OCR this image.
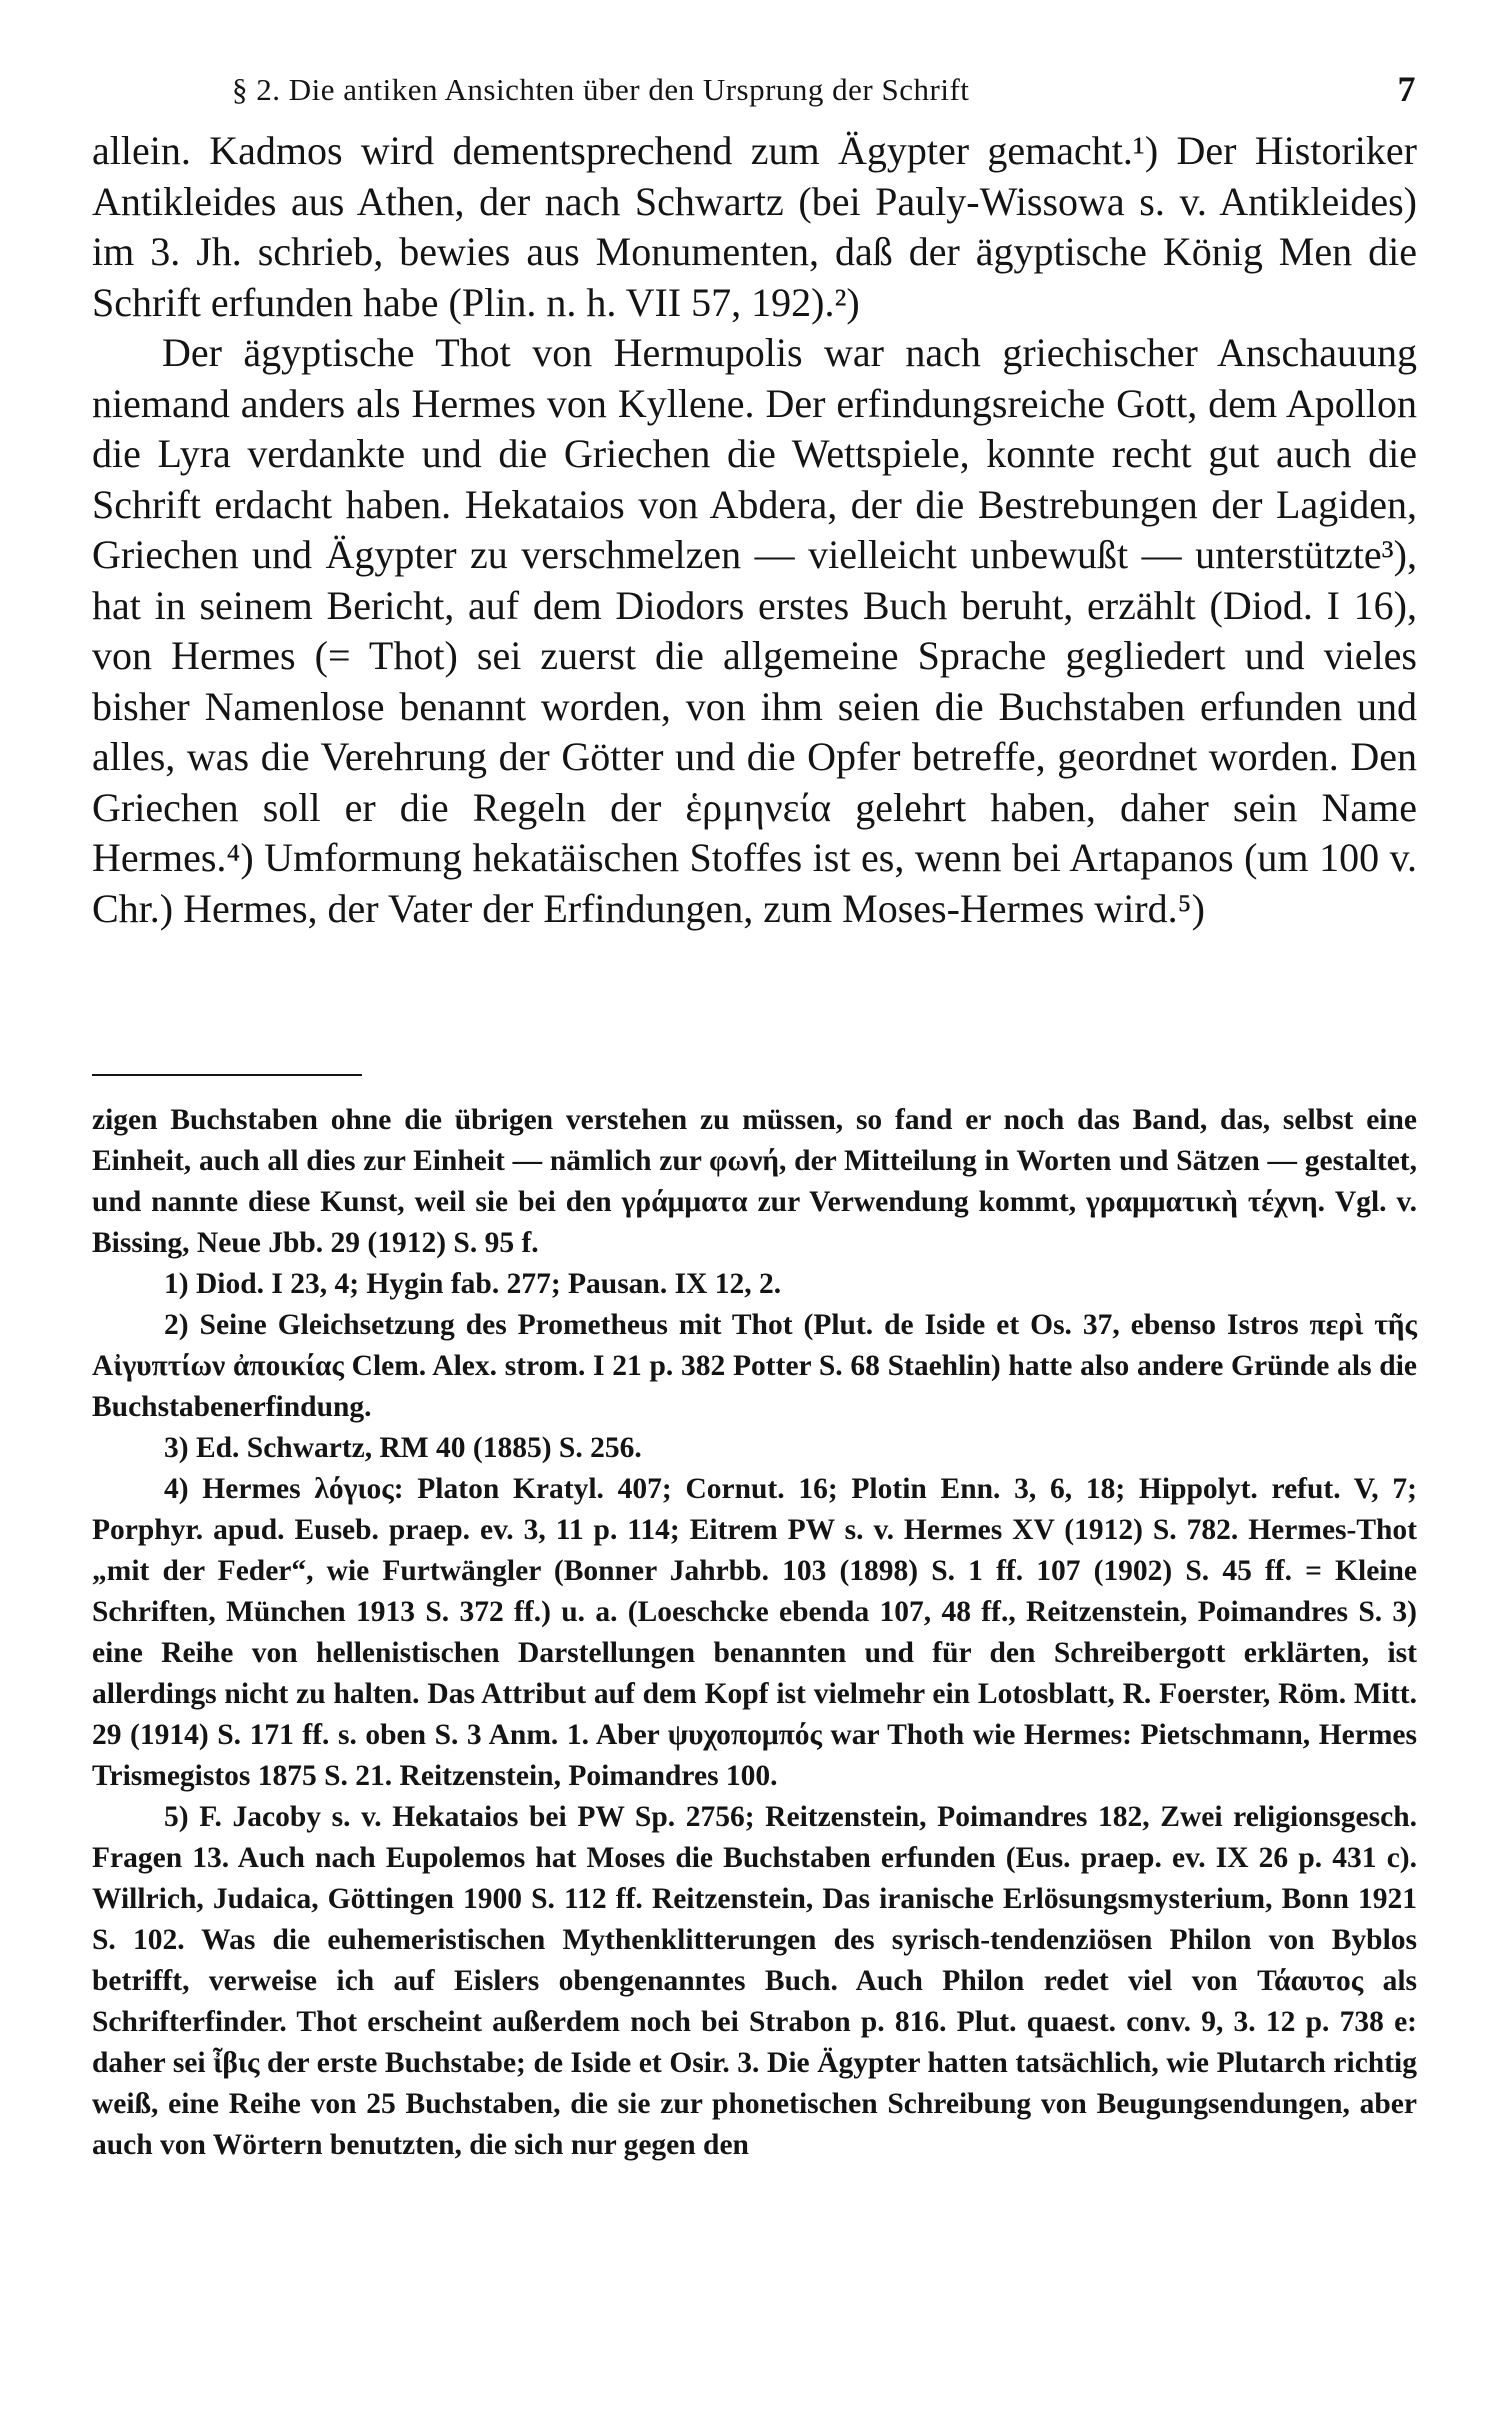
§ 2. Die antiken Ansichten über den Ursprung der Schrift	7

allein. Kadmos wird dementsprechend zum Ägypter gemacht.¹) Der Historiker Antikleides aus Athen, der nach Schwartz (bei Pauly-Wissowa s. v. Antikleides) im 3. Jh. schrieb, bewies aus Monumenten, daß der ägyptische König Men die Schrift erfunden habe (Plin. n. h. VII 57, 192).²)

Der ägyptische Thot von Hermupolis war nach griechischer Anschauung niemand anders als Hermes von Kyllene. Der erfindungsreiche Gott, dem Apollon die Lyra verdankte und die Griechen die Wettspiele, konnte recht gut auch die Schrift erdacht haben. Hekataios von Abdera, der die Bestrebungen der Lagiden, Griechen und Ägypter zu verschmelzen — vielleicht unbewußt — unterstützte³), hat in seinem Bericht, auf dem Diodors erstes Buch beruht, erzählt (Diod. I 16), von Hermes (= Thot) sei zuerst die allgemeine Sprache gegliedert und vieles bisher Namenlose benannt worden, von ihm seien die Buchstaben erfunden und alles, was die Verehrung der Götter und die Opfer betreffe, geordnet worden. Den Griechen soll er die Regeln der ἑρμηνεία gelehrt haben, daher sein Name Hermes.⁴) Umformung hekatäischen Stoffes ist es, wenn bei Artapanos (um 100 v. Chr.) Hermes, der Vater der Erfindungen, zum Moses-Hermes wird.⁵)

zigen Buchstaben ohne die übrigen verstehen zu müssen, so fand er noch das Band, das, selbst eine Einheit, auch all dies zur Einheit — nämlich zur φωνή, der Mitteilung in Worten und Sätzen — gestaltet, und nannte diese Kunst, weil sie bei den γράμματα zur Verwendung kommt, γραμματικὴ τέχνη. Vgl. v. Bissing, Neue Jbb. 29 (1912) S. 95 f.

1) Diod. I 23, 4; Hygin fab. 277; Pausan. IX 12, 2.

2) Seine Gleichsetzung des Prometheus mit Thot (Plut. de Iside et Os. 37, ebenso Istros περὶ τῆς Αἰγυπτίων ἀποικίας Clem. Alex. strom. I 21 p. 382 Potter S. 68 Staehlin) hatte also andere Gründe als die Buchstabenerfindung.

3) Ed. Schwartz, RM 40 (1885) S. 256.

4) Hermes λόγιος: Platon Kratyl. 407; Cornut. 16; Plotin Enn. 3, 6, 18; Hippolyt. refut. V, 7; Porphyr. apud. Euseb. praep. ev. 3, 11 p. 114; Eitrem PW s. v. Hermes XV (1912) S. 782. Hermes-Thot „mit der Feder“, wie Furtwängler (Bonner Jahrbb. 103 (1898) S. 1 ff. 107 (1902) S. 45 ff. = Kleine Schriften, München 1913 S. 372 ff.) u. a. (Loeschcke ebenda 107, 48 ff., Reitzenstein, Poimandres S. 3) eine Reihe von hellenistischen Darstellungen benannten und für den Schreibergott erklärten, ist allerdings nicht zu halten. Das Attribut auf dem Kopf ist vielmehr ein Lotosblatt, R. Foerster, Röm. Mitt. 29 (1914) S. 171 ff. s. oben S. 3 Anm. 1. Aber ψυχοπομπός war Thoth wie Hermes: Pietschmann, Hermes Trismegistos 1875 S. 21. Reitzenstein, Poimandres 100.

5) F. Jacoby s. v. Hekataios bei PW Sp. 2756; Reitzenstein, Poimandres 182, Zwei religionsgesch. Fragen 13. Auch nach Eupolemos hat Moses die Buchstaben erfunden (Eus. praep. ev. IX 26 p. 431 c). Willrich, Judaica, Göttingen 1900 S. 112 ff. Reitzenstein, Das iranische Erlösungsmysterium, Bonn 1921 S. 102. Was die euhemeristischen Mythenklitterungen des syrisch-tendenziösen Philon von Byblos betrifft, verweise ich auf Eislers obengenanntes Buch. Auch Philon redet viel von Τάαυτος als Schrifterfinder. Thot erscheint außerdem noch bei Strabon p. 816. Plut. quaest. conv. 9, 3. 12 p. 738 e: daher sei ἶβις der erste Buchstabe; de Iside et Osir. 3. Die Ägypter hatten tatsächlich, wie Plutarch richtig weiß, eine Reihe von 25 Buchstaben, die sie zur phonetischen Schreibung von Beugungsendungen, aber auch von Wörtern benutzten, die sich nur gegen den
